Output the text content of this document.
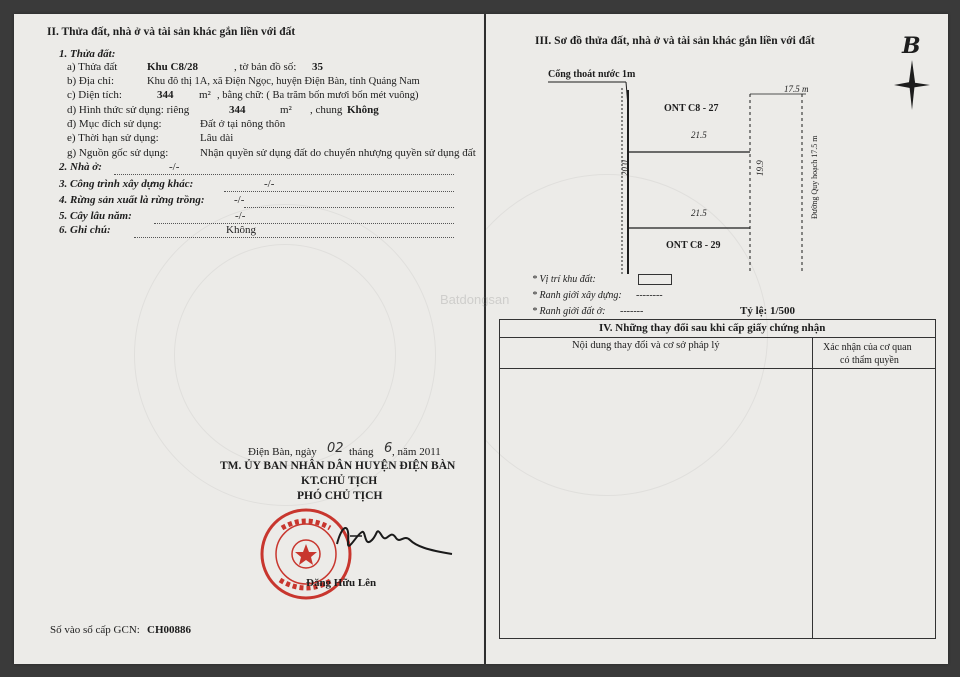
II. Thửa đất, nhà ở và tài sản khác gắn liền với đất
1. Thửa đất:
a) Thửa đất	Khu C8/28	, tờ bản đồ số: 35
b) Địa chỉ:	Khu đô thị 1A, xã Điện Ngọc, huyện Điện Bàn, tỉnh Quảng Nam
c) Diện tích:	344 m² , bằng chữ: ( Ba trăm bốn mươi bốn mét vuông)
d) Hình thức sử dụng: riêng	344	m² , chung Không
đ) Mục đích sử dụng:	Đất ở tại nông thôn
e) Thời hạn sử dụng:	Lâu dài
g) Nguồn gốc sử dụng:	Nhận quyền sử dụng đất do chuyển nhượng quyền sử dụng đất
2. Nhà ở:	-/-
3. Công trình xây dựng khác:	-/-
4. Rừng sản xuất là rừng trồng:	-/-
5. Cây lâu năm:	-/-
6. Ghi chú:	Không
Điện Bàn, ngày 02 tháng 6 , năm 2011
TM. ỦY BAN NHÂN DÂN HUYỆN ĐIỆN BÀN
KT.CHỦ TỊCH
PHÓ CHỦ TỊCH
Đặng Hữu Lên
Số vào sổ cấp GCN: CH00886
III. Sơ đồ thửa đất, nhà ở và tài sản khác gắn liền với đất	B
Cống thoát nước 1m
17.5 m
ONT C8 - 27
21.5
21.5
20.0	19.9	Đường Quy hoạch 17.5 m
ONT C8 - 29
* Vị trí khu đất:
* Ranh giới xây dựng: --------
* Ranh giới đất ở: -------	Tỷ lệ: 1/500
IV. Những thay đổi sau khi cấp giấy chứng nhận
Nội dung thay đổi và cơ sở pháp lý	Xác nhận của cơ quan
có thẩm quyền
Batdongsan
